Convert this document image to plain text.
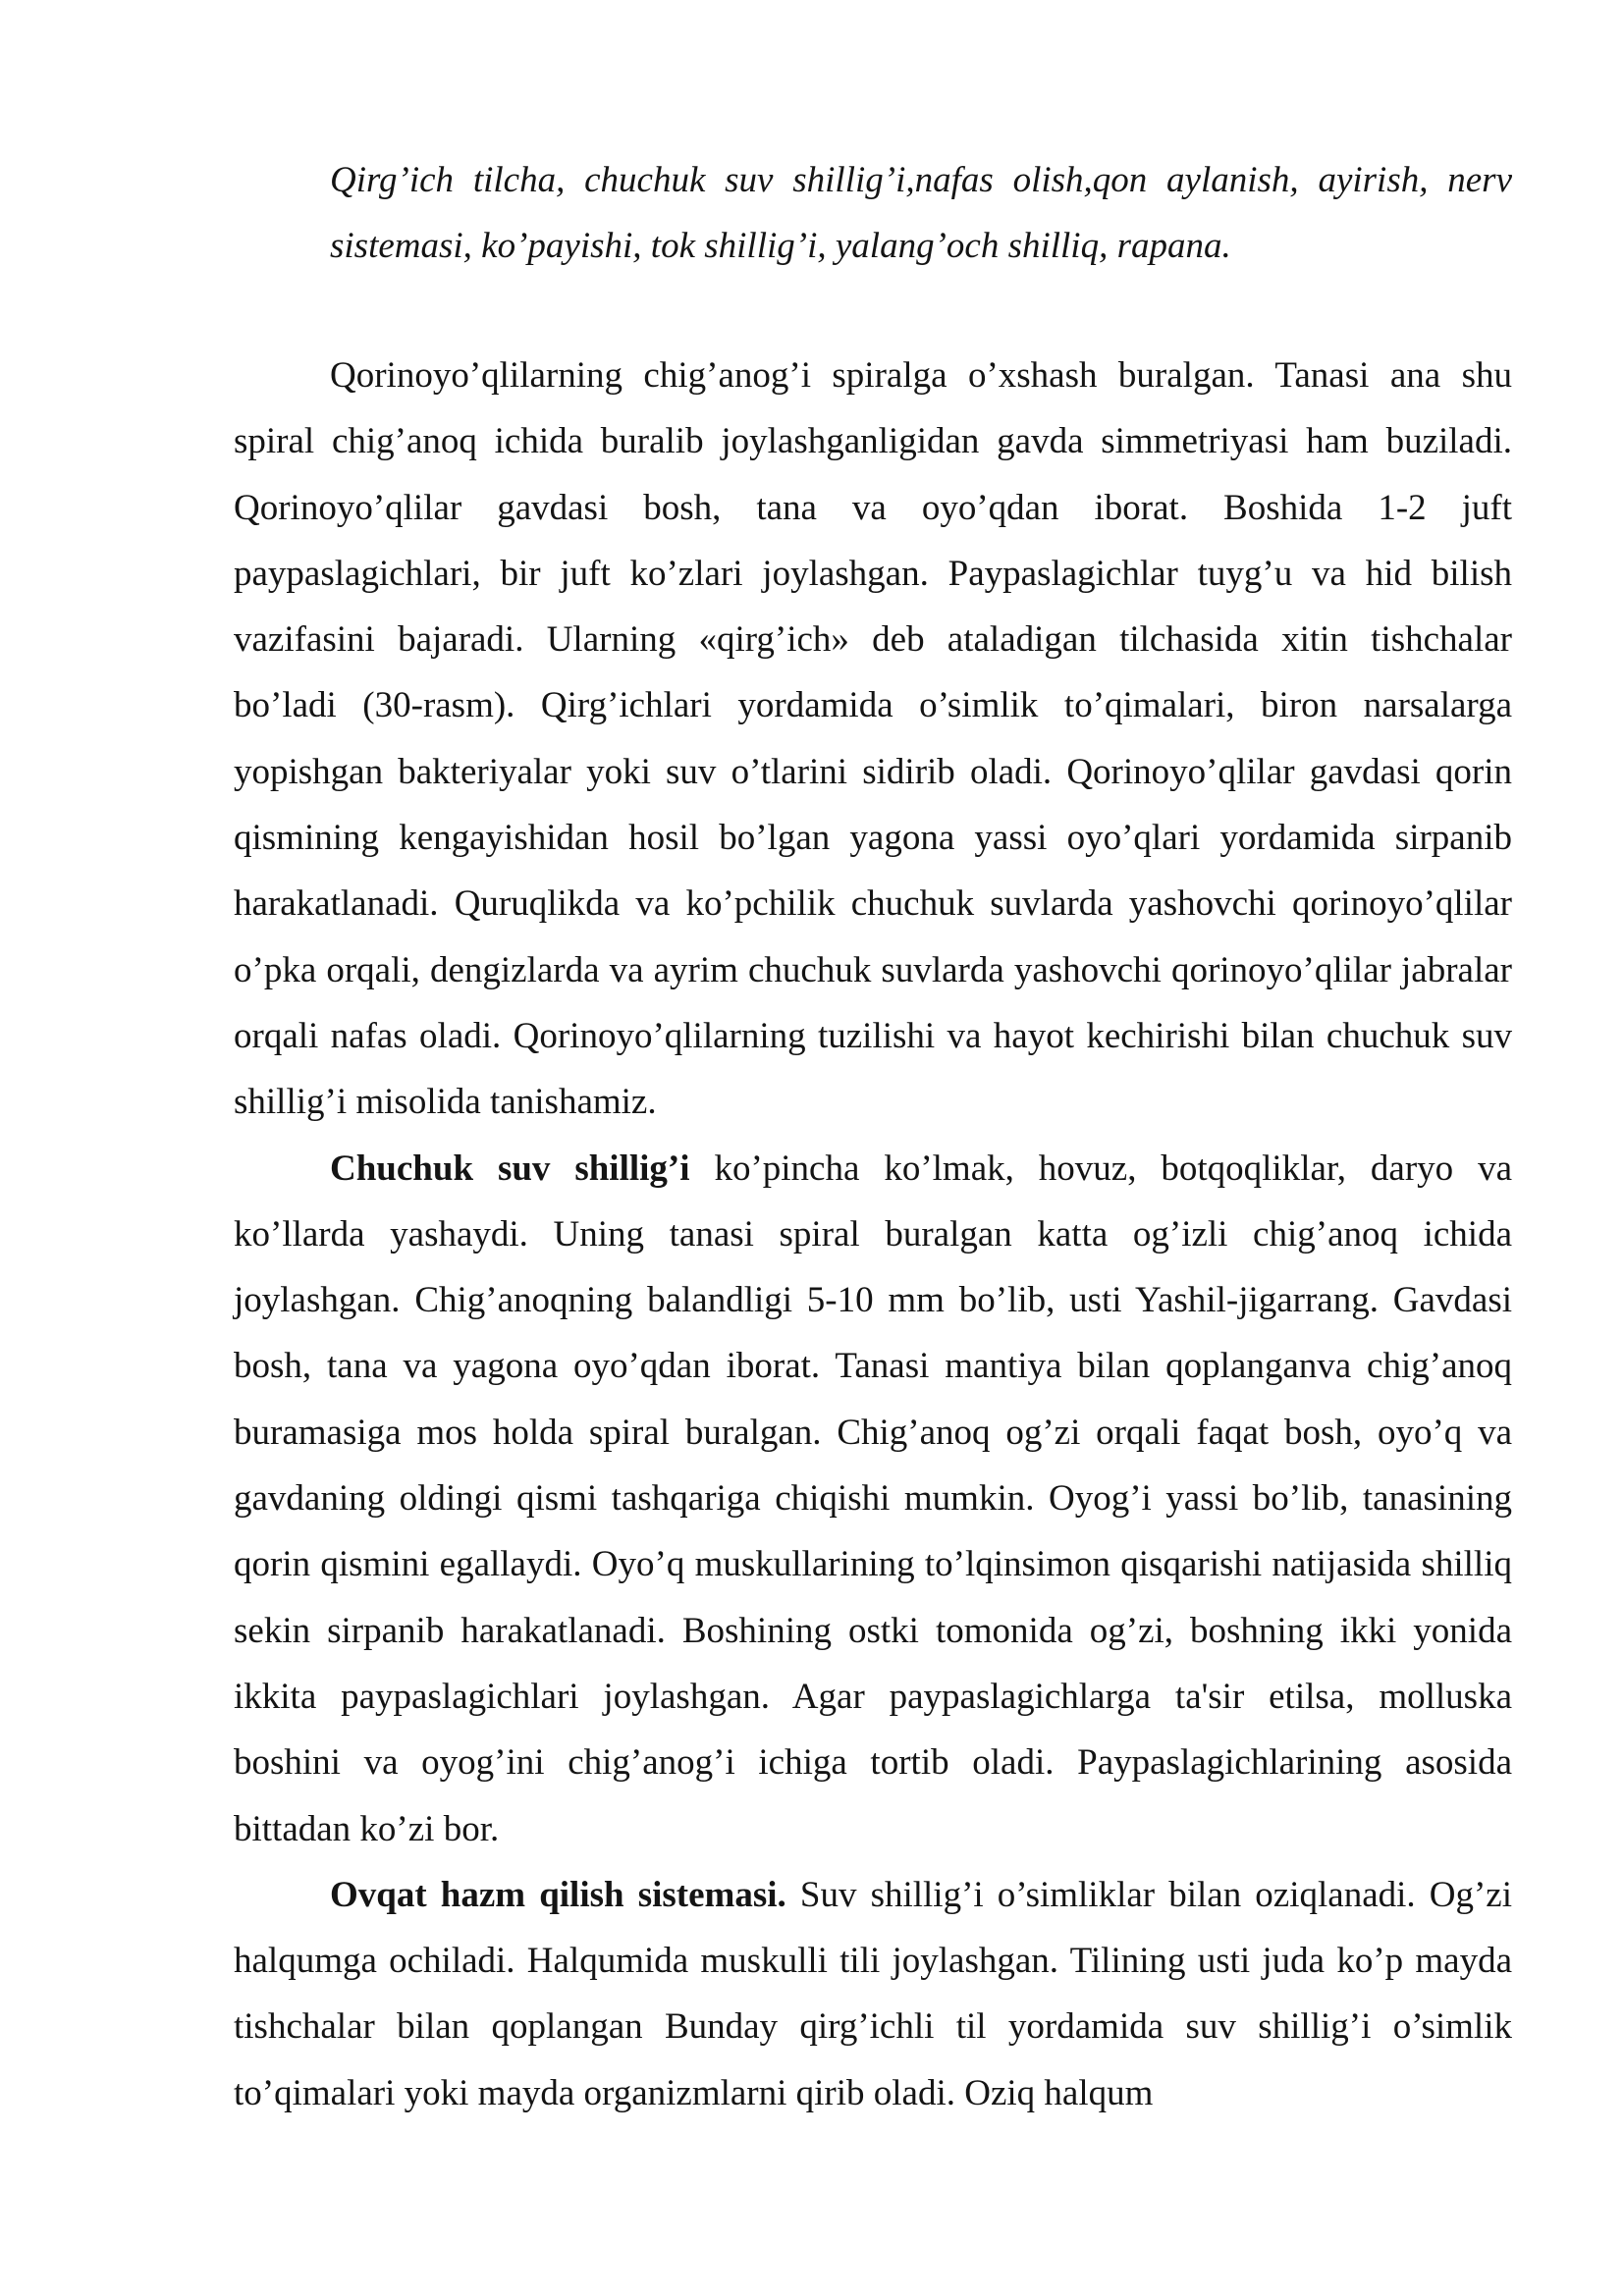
Qirg’ich tilcha, chuchuk suv shillig’i,nafas olish,qon aylanish, ayirish, nerv sistemasi, ko’payishi, tok shillig’i, yalang’och shilliq, rapana.

Qorinoyo’qlilarning chig’anog’i spiralga o’xshash buralgan. Tanasi ana shu spiral chig’anoq ichida buralib joylashganligidan gavda simmetriyasi ham buziladi. Qorinoyo’qlilar gavdasi bosh, tana va oyo’qdan iborat. Boshida 1-2 juft paypaslagichlari, bir juft ko’zlari joylashgan. Paypaslagichlar tuyg’u va hid bilish vazifasini bajaradi. Ularning «qirg’ich» deb ataladigan tilchasida xitin tishchalar bo’ladi (30-rasm). Qirg’ichlari yordamida o’simlik to’qimalari, biron narsalarga yopishgan bakteriyalar yoki suv o’tlarini sidirib oladi. Qorinoyo’qlilar gavdasi qorin qismining kengayishidan hosil bo’lgan yagona yassi oyo’qlari yordamida sirpanib harakatlanadi. Quruqlikda va ko’pchilik chuchuk suvlarda yashovchi qorinoyo’qlilar o’pka orqali, dengizlarda va ayrim chuchuk suvlarda yashovchi qorinoyo’qlilar jabralar orqali nafas oladi. Qorinoyo’qlilarning tuzilishi va hayot kechirishi bilan chuchuk suv shillig’i misolida tanishamiz.

Chuchuk suv shillig’i ko’pincha ko’lmak, hovuz, botqoqliklar, daryo va ko’llarda yashaydi. Uning tanasi spiral buralgan katta og’izli chig’anoq ichida joylashgan. Chig’anoqning balandligi 5-10 mm bo’lib, usti Yashil-jigarrang. Gavdasi bosh, tana va yagona oyo’qdan iborat. Tanasi mantiya bilan qoplanganva chig’anoq buramasiga mos holda spiral buralgan. Chig’anoq og’zi orqali faqat bosh, oyo’q va gavdaning oldingi qismi tashqariga chiqishi mumkin. Oyog’i yassi bo’lib, tanasining qorin qismini egallaydi. Oyo’q muskullarining to’lqinsimon qisqarishi natijasida shilliq sekin sirpanib harakatlanadi. Boshining ostki tomonida og’zi, boshning ikki yonida ikkita paypaslagichlari joylashgan. Agar paypaslagichlarga ta'sir etilsa, molluska boshini va oyog’ini chig’anog’i ichiga tortib oladi. Paypaslagichlarining asosida bittadan ko’zi bor.

Ovqat hazm qilish sistemasi. Suv shillig’i o’simliklar bilan oziqlanadi. Og’zi halqumga ochiladi. Halqumida muskulli tili joylashgan. Tilining usti juda ko’p mayda tishchalar bilan qoplangan Bunday qirg’ichli til yordamida suv shillig’i o’simlik to’qimalari yoki mayda organizmlarni qirib oladi. Oziq halqum
